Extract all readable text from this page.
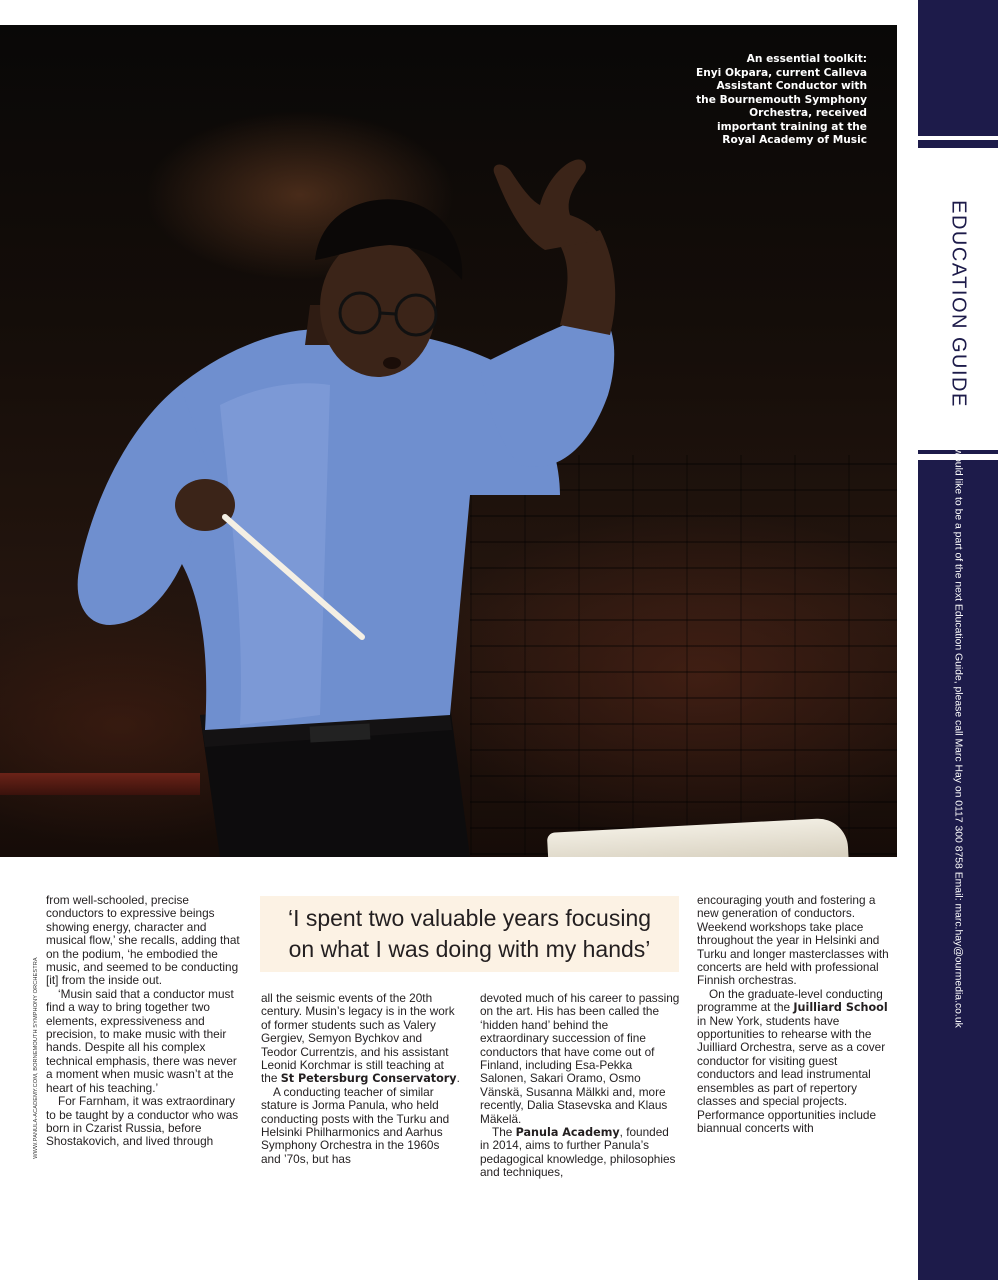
An essential toolkit:
Enyi Okpara, current Calleva
Assistant Conductor with
the Bournemouth Symphony
Orchestra, received
important training at the
Royal Academy of Music
EDUCATION GUIDE
If you would like to be a part of the next Education Guide, please call Marc Hay on 0117 300 8758 Email: marc.hay@ourmedia.co.uk
WWW.PANULA-ACADEMY.COM, BORNEMOUTH SYMPHONY ORCHESTRA

from well-schooled, precise conductors to expressive beings showing energy, character and musical flow,’ she recalls, adding that on the podium, ‘he embodied the music, and seemed to be conducting [it] from the inside out.

‘Musin said that a conductor must find a way to bring together two elements, expressiveness and precision, to make music with their hands. Despite all his complex technical emphasis, there was never a moment when music wasn’t at the heart of his teaching.’

For Farnham, it was extraordinary to be taught by a conductor who was born in Czarist Russia, before Shostakovich, and lived through

‘I spent two valuable years focusing
on what I was doing with my hands’

all the seismic events of the 20th century. Musin’s legacy is in the work of former students such as Valery Gergiev, Semyon Bychkov and Teodor Currentzis, and his assistant Leonid Korchmar is still teaching at the St Petersburg Conservatory.

A conducting teacher of similar stature is Jorma Panula, who held conducting posts with the Turku and Helsinki Philharmonics and Aarhus Symphony Orchestra in the 1960s and ’70s, but has

devoted much of his career to passing on the art. His has been called the ‘hidden hand’ behind the extraordinary succession of fine conductors that have come out of Finland, including Esa-Pekka Salonen, Sakari Oramo, Osmo Vänskä, Susanna Mälkki and, more recently, Dalia Stasevska and Klaus Mäkelä.

The Panula Academy, founded in 2014, aims to further Panula’s pedagogical knowledge, philosophies and techniques,

encouraging youth and fostering a new generation of conductors. Weekend workshops take place throughout the year in Helsinki and Turku and longer masterclasses with concerts are held with professional Finnish orchestras.

On the graduate-level conducting programme at the Juilliard School in New York, students have opportunities to rehearse with the Juilliard Orchestra, serve as a cover conductor for visiting guest conductors and lead instrumental ensembles as part of repertory classes and special projects. Performance opportunities include biannual concerts with
